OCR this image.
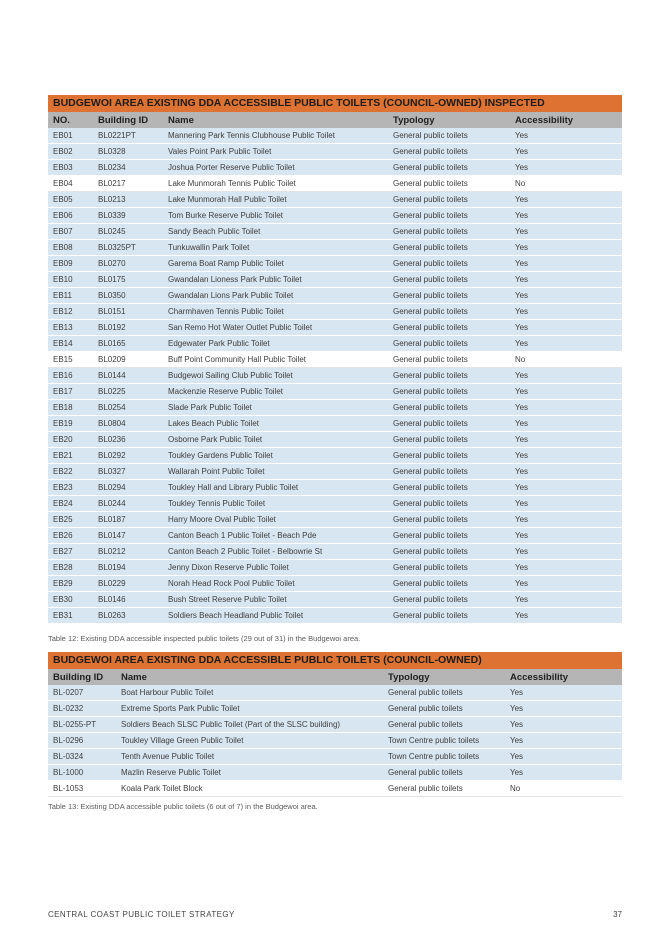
BUDGEWOI AREA EXISTING DDA ACCESSIBLE PUBLIC TOILETS (COUNCIL-OWNED) INSPECTED
NO.	Building ID	Name	Typology	Accessibility
EB01	BL0221PT	Mannering Park Tennis Clubhouse Public Toilet	General public toilets	Yes
EB02	BL0328	Vales Point Park Public Toilet	General public toilets	Yes
EB03	BL0234	Joshua Porter Reserve Public Toilet	General public toilets	Yes
EB04	BL0217	Lake Munmorah Tennis Public Toilet	General public toilets	No
EB05	BL0213	Lake Munmorah Hall Public Toilet	General public toilets	Yes
EB06	BL0339	Tom Burke Reserve Public Toilet	General public toilets	Yes
EB07	BL0245	Sandy Beach Public Toilet	General public toilets	Yes
EB08	BL0325PT	Tunkuwallin Park Toilet	General public toilets	Yes
EB09	BL0270	Garema Boat Ramp Public Toilet	General public toilets	Yes
EB10	BL0175	Gwandalan Lioness Park Public Toilet	General public toilets	Yes
EB11	BL0350	Gwandalan Lions Park Public Toilet	General public toilets	Yes
EB12	BL0151	Charmhaven Tennis Public Toilet	General public toilets	Yes
EB13	BL0192	San Remo Hot Water Outlet Public Toilet	General public toilets	Yes
EB14	BL0165	Edgewater Park Public Toilet	General public toilets	Yes
EB15	BL0209	Buff Point Community Hall Public Toilet	General public toilets	No
EB16	BL0144	Budgewoi Sailing Club Public Toilet	General public toilets	Yes
EB17	BL0225	Mackenzie Reserve Public Toilet	General public toilets	Yes
EB18	BL0254	Slade Park Public Toilet	General public toilets	Yes
EB19	BL0804	Lakes Beach Public Toilet	General public toilets	Yes
EB20	BL0236	Osborne Park Public Toilet	General public toilets	Yes
EB21	BL0292	Toukley Gardens Public Toilet	General public toilets	Yes
EB22	BL0327	Wallarah Point Public Toilet	General public toilets	Yes
EB23	BL0294	Toukley Hall and Library Public Toilet	General public toilets	Yes
EB24	BL0244	Toukley Tennis Public Toilet	General public toilets	Yes
EB25	BL0187	Harry Moore Oval Public Toilet	General public toilets	Yes
EB26	BL0147	Canton Beach 1 Public Toilet - Beach Pde	General public toilets	Yes
EB27	BL0212	Canton Beach 2 Public Toilet - Belbowrie St	General public toilets	Yes
EB28	BL0194	Jenny Dixon Reserve Public Toilet	General public toilets	Yes
EB29	BL0229	Norah Head Rock Pool Public Toilet	General public toilets	Yes
EB30	BL0146	Bush Street Reserve Public Toilet	General public toilets	Yes
EB31	BL0263	Soldiers Beach Headland Public Toilet	General public toilets	Yes
Table 12: Existing DDA accessible inspected public toilets (29 out of 31) in the Budgewoi area.
BUDGEWOI AREA EXISTING DDA ACCESSIBLE PUBLIC TOILETS (COUNCIL-OWNED)
Building ID	Name	Typology	Accessibility
BL-0207	Boat Harbour Public Toilet	General public toilets	Yes
BL-0232	Extreme Sports Park Public Toilet	General public toilets	Yes
BL-0255-PT	Soldiers Beach SLSC Public Toilet (Part of the SLSC building)	General public toilets	Yes
BL-0296	Toukley Village Green Public Toilet	Town Centre public toilets	Yes
BL-0324	Tenth Avenue Public Toilet	Town Centre public toilets	Yes
BL-1000	Mazlin Reserve Public Toilet	General public toilets	Yes
BL-1053	Koala Park Toilet Block	General public toilets	No
Table 13: Existing DDA accessible public toilets (6 out of 7) in the Budgewoi area.
CENTRAL COAST PUBLIC TOILET STRATEGY	37
